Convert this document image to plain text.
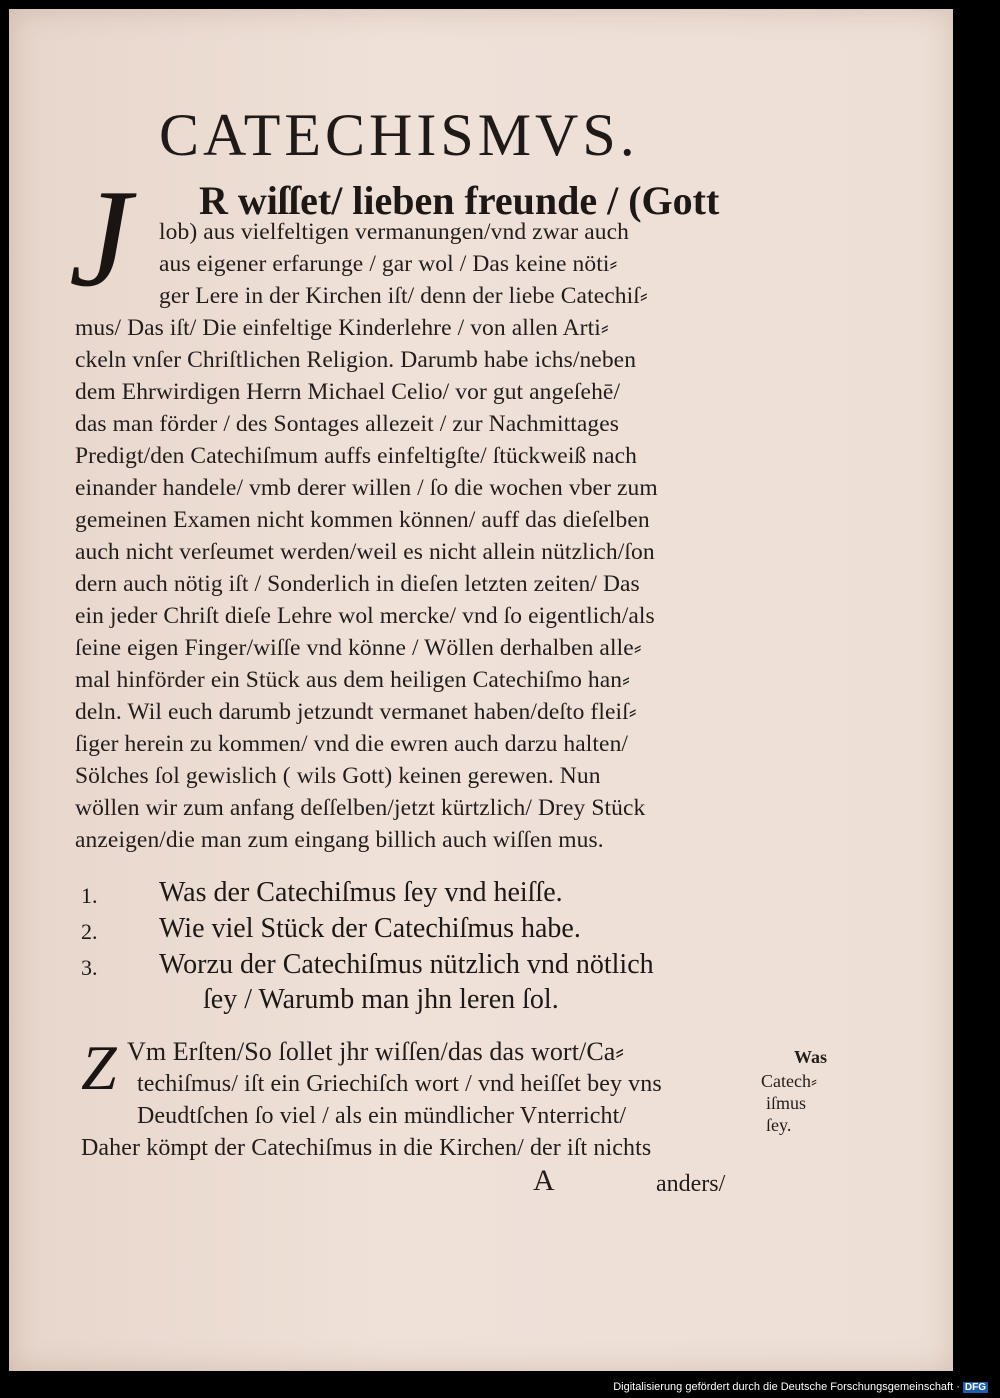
CATECHISMVS.
J R wiſſet/ lieben freunde / (Gott
lob) aus vielfeltigen vermanungen/vnd zwar auch
aus eigener erfarunge / gar wol / Das keine nöti⸗
ger Lere in der Kirchen iſt/ denn der liebe Catechiſ⸗
mus/ Das iſt/ Die einfeltige Kinderlehre / von allen Arti⸗
ckeln vnſer Chriſtlichen Religion. Darumb habe ichs/neben
dem Ehrwirdigen Herrn Michael Celio/ vor gut angeſehē/
das man förder / des Sontages allezeit / zur Nachmittages
Predigt/den Catechiſmum auffs einfeltigſte/ ſtückweiß nach
einander handele/ vmb derer willen / ſo die wochen vber zum
gemeinen Examen nicht kommen können/ auff das dieſelben
auch nicht verſeumet werden/weil es nicht allein nützlich/ſon
dern auch nötig iſt / Sonderlich in dieſen letzten zeiten/ Das
ein jeder Chriſt dieſe Lehre wol mercke/ vnd ſo eigentlich/als
ſeine eigen Finger/wiſſe vnd könne / Wöllen derhalben alle⸗
mal hinförder ein Stück aus dem heiligen Catechiſmo han⸗
deln. Wil euch darumb jetzundt vermanet haben/deſto fleiſ⸗
ſiger herein zu kommen/ vnd die ewren auch darzu halten/
Sölches ſol gewislich ( wils Gott) keinen gerewen. Nun
wöllen wir zum anfang deſſelben/jetzt kürtzlich/ Drey Stück
anzeigen/die man zum eingang billich auch wiſſen mus.
1. Was der Catechiſmus ſey vnd heiſſe.
2. Wie viel Stück der Catechiſmus habe.
3. Worzu der Catechiſmus nützlich vnd nötlich
ſey / Warumb man jhn leren ſol.
Z Vm Erſten/So ſollet jhr wiſſen/das das wort/Ca⸗
techiſmus/ iſt ein Griechiſch wort / vnd heiſſet bey vns
Deudtſchen ſo viel / als ein mündlicher Vnterricht/
Daher kömpt der Catechiſmus in die Kirchen/ der iſt nichts
A	anders/
Was
Catech⸗
iſmus
ſey.
Digitalisierung gefördert durch die Deutsche Forschungsgemeinschaft · DFG
